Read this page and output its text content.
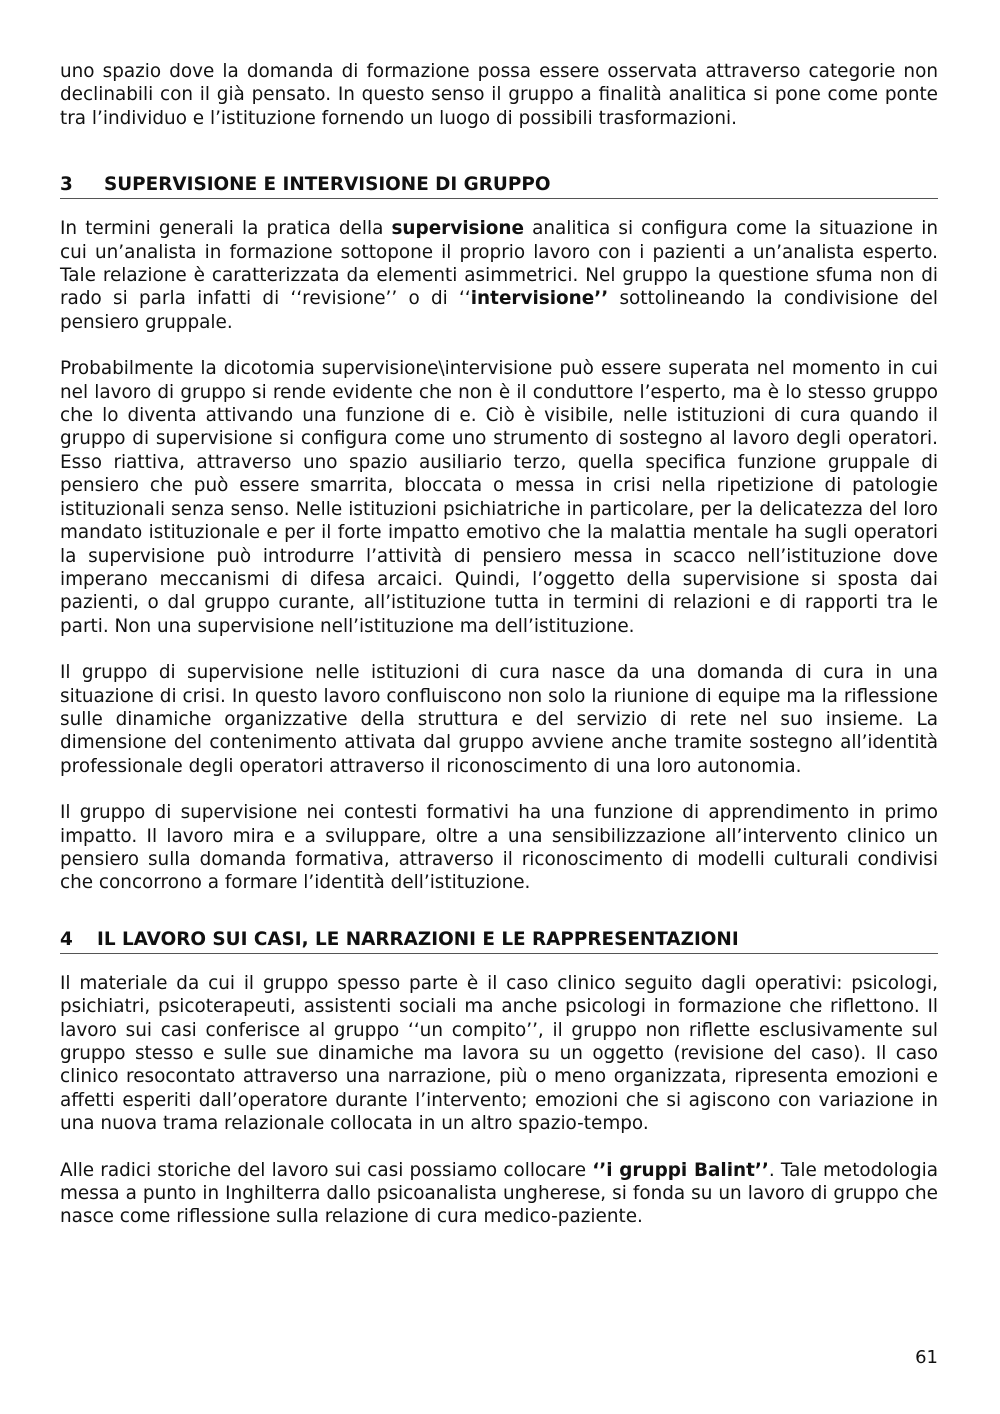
uno spazio dove la domanda di formazione possa essere osservata attraverso categorie non declinabili con il già pensato. In questo senso il gruppo a finalità analitica si pone come ponte tra l’individuo e l’istituzione fornendo un luogo di possibili trasformazioni.

3 SUPERVISIONE E INTERVISIONE DI GRUPPO

In termini generali la pratica della supervisione analitica si configura come la situazione in cui un’analista in formazione sottopone il proprio lavoro con i pazienti a un’analista esperto. Tale relazione è caratterizzata da elementi asimmetrici. Nel gruppo la questione sfuma non di rado si parla infatti di ‘‘revisione’’ o di ‘‘intervisione’’ sottolineando la condivisione del pensiero gruppale.

Probabilmente la dicotomia supervisione\intervisione può essere superata nel momento in cui nel lavoro di gruppo si rende evidente che non è il conduttore l’esperto, ma è lo stesso gruppo che lo diventa attivando una funzione di e. Ciò è visibile, nelle istituzioni di cura quando il gruppo di supervisione si configura come uno strumento di sostegno al lavoro degli operatori. Esso riattiva, attraverso uno spazio ausiliario terzo, quella specifica funzione gruppale di pensiero che può essere smarrita, bloccata o messa in crisi nella ripetizione di patologie istituzionali senza senso. Nelle istituzioni psichiatriche in particolare, per la delicatezza del loro mandato istituzionale e per il forte impatto emotivo che la malattia mentale ha sugli operatori la supervisione può introdurre l’attività di pensiero messa in scacco nell’istituzione dove imperano meccanismi di difesa arcaici. Quindi, l’oggetto della supervisione si sposta dai pazienti, o dal gruppo curante, all’istituzione tutta in termini di relazioni e di rapporti tra le parti. Non una supervisione nell’istituzione ma dell’istituzione.

Il gruppo di supervisione nelle istituzioni di cura nasce da una domanda di cura in una situazione di crisi. In questo lavoro confluiscono non solo la riunione di equipe ma la riflessione sulle dinamiche organizzative della struttura e del servizio di rete nel suo insieme. La dimensione del contenimento attivata dal gruppo avviene anche tramite sostegno all’identità professionale degli operatori attraverso il riconoscimento di una loro autonomia.

Il gruppo di supervisione nei contesti formativi ha una funzione di apprendimento in primo impatto. Il lavoro mira e a sviluppare, oltre a una sensibilizzazione all’intervento clinico un pensiero sulla domanda formativa, attraverso il riconoscimento di modelli culturali condivisi che concorrono a formare l’identità dell’istituzione.

4 IL LAVORO SUI CASI, LE NARRAZIONI E LE RAPPRESENTAZIONI

Il materiale da cui il gruppo spesso parte è il caso clinico seguito dagli operativi: psicologi, psichiatri, psicoterapeuti, assistenti sociali ma anche psicologi in formazione che riflettono. Il lavoro sui casi conferisce al gruppo ‘‘un compito’’, il gruppo non riflette esclusivamente sul gruppo stesso e sulle sue dinamiche ma lavora su un oggetto (revisione del caso). Il caso clinico resocontato attraverso una narrazione, più o meno organizzata, ripresenta emozioni e affetti esperiti dall’operatore durante l’intervento; emozioni che si agiscono con variazione in una nuova trama relazionale collocata in un altro spazio-tempo.

Alle radici storiche del lavoro sui casi possiamo collocare ‘’i gruppi Balint’’. Tale metodologia messa a punto in Inghilterra dallo psicoanalista ungherese, si fonda su un lavoro di gruppo che nasce come riflessione sulla relazione di cura medico-paziente.

61
